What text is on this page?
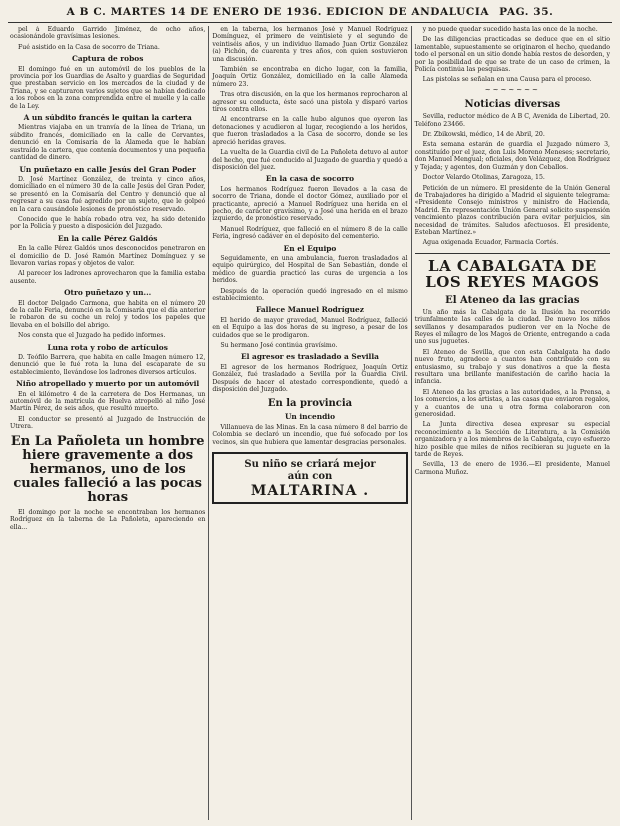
A B C. MARTES 14 DE ENERO DE 1936. EDICION DE ANDALUCIA PAG. 35.

pel á Eduardo Garrido Jiménez, de ocho años, ocasionándole gravísimas lesiones.

Fué asistido en la Casa de socorro de Triana.

Captura de robos

El domingo fué en un automóvil de los pueblos de la provincia por los Guardias de Asalto y guardias de Seguridad que prestaban servicio en los mercados de la ciudad y de Triana, y se capturaron varios sujetos que se habían dedicado a los robos en la zona comprendida entre el muelle y la calle de la Ley.

A un súbdito francés le quitan la cartera

Mientras viajaba en un tranvía de la línea de Triana, un súbdito francés, domiciliado en la calle de Cervantes, denunció en la Comisaría de la Alameda que le habían sustraído la cartera, que contenía documentos y una pequeña cantidad de dinero.

Un puñetazo en calle Jesús del Gran Poder

D. José Martínez González, de treinta y cinco años, domiciliado en el número 30 de la calle Jesús del Gran Poder, se presentó en la Comisaría del Centro y denunció que al regresar a su casa fué agredido por un sujeto, que le golpeó en la cara causándole lesiones de pronóstico reservado.

Conocido que le había robado otra vez, ha sido detenido por la Policía y puesto a disposición del Juzgado.

En la calle Pérez Galdós

En la calle Pérez Galdós unos desconocidos penetraron en el domicilio de D. José Ramón Martínez Domínguez y se llevaron varias ropas y objetos de valor.

Al parecer los ladrones aprovecharon que la familia estaba ausente.

Otro puñetazo y un...

El doctor Delgado Carmona, que habita en el número 20 de la calle Feria, denunció en la Comisaría que el día anterior le robaron de su coche un reloj y todos los papeles que llevaba en el bolsillo del abrigo.

Nos consta que el Juzgado ha pedido informes.

Luna rota y robo de artículos

D. Teófilo Barrera, que habita en calle Imagen número 12, denunció que le fué rota la luna del escaparate de su establecimiento, llevándose los ladrones diversos artículos.

Niño atropellado y muerto por un automóvil

En el kilómetro 4 de la carretera de Dos Hermanas, un automóvil de la matrícula de Huelva atropelló al niño José Martín Pérez, de seis años, que resultó muerto.

El conductor se presentó al Juzgado de Instrucción de Utrera.

En La Pañoleta un hombre hiere gravemente a dos hermanos, uno de los cuales falleció a las pocas horas

El domingo por la noche se encontraban los hermanos Rodríguez en la taberna de La Pañoleta, apareciendo en ella...

en la taberna, los hermanos José y Manuel Rodríguez Domínguez, el primero de veintisiete y el segundo de veintiséis años, y un individuo llamado Juan Ortiz González (a) Pichón, de cuarenta y tres años, con quien sostuvieron una discusión.

También se encontraba en dicho lugar, con la familia, Joaquín Ortiz González, domiciliado en la calle Alameda número 23.

Tras otra discusión, en la que los hermanos reprocharon al agresor su conducta, éste sacó una pistola y disparó varios tiros contra ellos.

Al encontrarse en la calle hubo algunos que oyeron las detonaciones y acudieron al lugar, recogiendo a los heridos, que fueron trasladados a la Casa de socorro, donde se les apreció heridas graves.

La vuelta de la Guardia civil de La Pañoleta detuvo al autor del hecho, que fué conducido al Juzgado de guardia y quedó a disposición del juez.

En la casa de socorro

Los hermanos Rodríguez fueron llevados a la casa de socorro de Triana, donde el doctor Gómez, auxiliado por el practicante, apreció a Manuel Rodríguez una herida en el pecho, de carácter gravísimo, y a José una herida en el brazo izquierdo, de pronóstico reservado.

Manuel Rodríguez, que falleció en el número 8 de la calle Feria, ingresó cadáver en el depósito del cementerio.

En el Equipo

Seguidamente, en una ambulancia, fueron trasladados al equipo quirúrgico, del Hospital de San Sebastián, donde el médico de guardia practicó las curas de urgencia a los heridos.

Después de la operación quedó ingresado en el mismo establecimiento.

Fallece Manuel Rodríguez

El herido de mayor gravedad, Manuel Rodríguez, falleció en el Equipo a las dos horas de su ingreso, a pesar de los cuidados que se le prodigaron.

Su hermano José continúa gravísimo.

El agresor es trasladado a Sevilla

El agresor de los hermanos Rodríguez, Joaquín Ortiz González, fué trasladado a Sevilla por la Guardia Civil. Después de hacer el atestado correspondiente, quedó a disposición del Juzgado.

En la provincia
Un incendio

Villanueva de las Minas. En la casa número 8 del barrio de Colombia se declaró un incendio, que fué sofocado por los vecinos, sin que hubiera que lamentar desgracias personales.

Su niño se criará mejor
aún con
MALTARINA .

y no puede quedar sucedido hasta las once de la noche.

De las diligencias practicadas se deduce que en el sitio lamentable, supuestamente se originaron el hecho, quedando todo el personal en un sitio donde había restos de desorden, y por la posibilidad de que se trate de un caso de crimen, la Policía continúa las pesquisas.

Las pistolas se señalan en una Causa para el proceso.

~~~~~~~
Noticias diversas

Sevilla, reductor médico de A B C, Avenida de Libertad, 20. Teléfono 23466.

Dr. Zbikowski, médico, 14 de Abril, 20.

Esta semana estarán de guardia el Juzgado número 3, constituído por el juez, don Luis Moreno Meneses; secretario, don Manuel Mengual; oficiales, don Velázquez, don Rodríguez y Tejada; y agentes, don Guzmán y don Ceballos.

Doctor Velardo Otolinas, Zaragoza, 15.

Petición de un número. El presidente de la Unión General de Trabajadores ha dirigido a Madrid el siguiente telegrama: «Presidente Consejo ministros y ministro de Hacienda, Madrid. En representación Unión General solicito suspensión vencimiento plazos contribución para evitar perjuicios, sin necesidad de trámites. Saludos afectuosos. El presidente, Esteban Martínez.»

Agua oxigenada Ecuador, Farmacia Cortés.

LA CABALGATA DE LOS REYES MAGOS
El Ateneo da las gracias

Un año más la Cabalgata de la Ilusión ha recorrido triunfalmente las calles de la ciudad. De nuevo los niños sevillanos y desamparados pudieron ver en la Noche de Reyes el milagro de los Magos de Oriente, entregando a cada uno sus juguetes.

El Ateneo de Sevilla, que con esta Cabalgata ha dado nuevo fruto, agradece a cuantos han contribuido con su entusiasmo, su trabajo y sus donativos a que la fiesta resultara una brillante manifestación de cariño hacia la infancia.

El Ateneo da las gracias a las autoridades, a la Prensa, a los comercios, a los artistas, a las casas que enviaron regalos, y a cuantos de una u otra forma colaboraron con generosidad.

La Junta directiva desea expresar su especial reconocimiento a la Sección de Literatura, a la Comisión organizadora y a los miembros de la Cabalgata, cuyo esfuerzo hizo posible que miles de niños recibieran su juguete en la tarde de Reyes.

Sevilla, 13 de enero de 1936.—El presidente, Manuel Carmona Muñoz.
